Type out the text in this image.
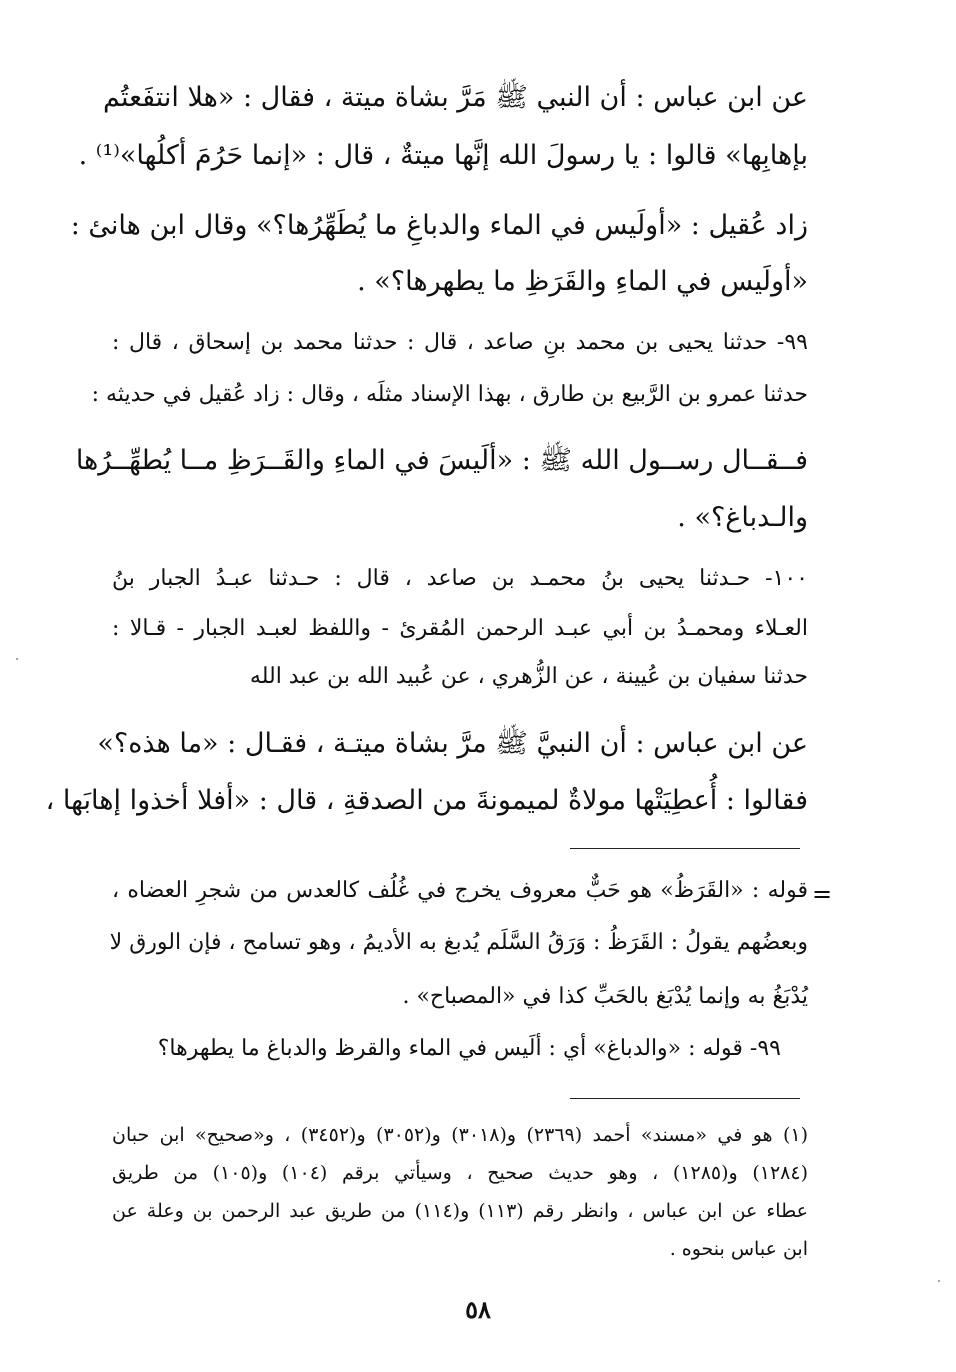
عن ابن عباس : أن النبي ﷺ مَرَّ بشاة ميتة ، فقال : «هلا انتفَعتُم
بإهابِها» قالوا : يا رسولَ الله إنَّها ميتةٌ ، قال : «إنما حَرُمَ أكلُها»⁽¹⁾ .
زاد عُقيل : «أولَيس في الماء والدباغِ ما يُطَهِّرُها؟» وقال ابن هانئ :
«أولَيس في الماءِ والقَرَظِ ما يطهرها؟» .
٩٩- حدثنا يحيى بن محمد بنِ صاعد ، قال : حدثنا محمد بن إسحاق ، قال :
حدثنا عمرو بن الرَّبيع بن طارق ، بهذا الإسناد مثلَه ، وقال : زاد عُقيل في حديثه :
فــقــال رســول الله ﷺ : «ألَيسَ في الماءِ والقَــرَظِ مــا يُطهِّــرُها
والـدباغ؟» .
١٠٠- حـدثنا يحيى بنُ محمـد بن صاعد ، قال : حـدثنا عبـدُ الجبار بنُ
العـلاء ومحمـدُ بن أبي عبـد الرحمن المُقرئ - واللفظ لعبـد الجبار - قـالا :
حدثنا سفيان بن عُيينة ، عن الزُّهري ، عن عُبيد الله بن عبد الله
عن ابن عباس : أن النبيَّ ﷺ مرَّ بشاة ميتـة ، فقـال : «ما هذه؟»
فقالوا : أُعطِيَتْها مولاةٌ لميمونةَ من الصدقةِ ، قال : «أفلا أخذوا إهابَها ،
=
قوله : «القَرَظُ» هو حَبٌّ معروف يخرج في غُلُف كالعدس من شجرِ العضاه ،
وبعضُهم يقولُ : القَرَظُ : وَرَقُ السَّلَم يُدبغ به الأديمُ ، وهو تسامح ، فإن الورق لا
يُدْبَغُ به وإنما يُدْبَغ بالحَبِّ كذا في «المصباح» .
٩٩- قوله : «والدباغ» أي : ألَيس في الماء والقرظ والدباغ ما يطهرها؟
(١) هو في «مسند» أحمد (٢٣٦٩) و(٣٠١٨) و(٣٠٥٢) و(٣٤٥٢) ، و«صحيح» ابن حبان
(١٢٨٤) و(١٢٨٥) ، وهو حديث صحيح ، وسيأتي برقم (١٠٤) و(١٠٥) من طريق
عطاء عن ابن عباس ، وانظر رقم (١١٣) و(١١٤) من طريق عبد الرحمن بن وعلة عن
ابن عباس بنحوه .
٥٨
